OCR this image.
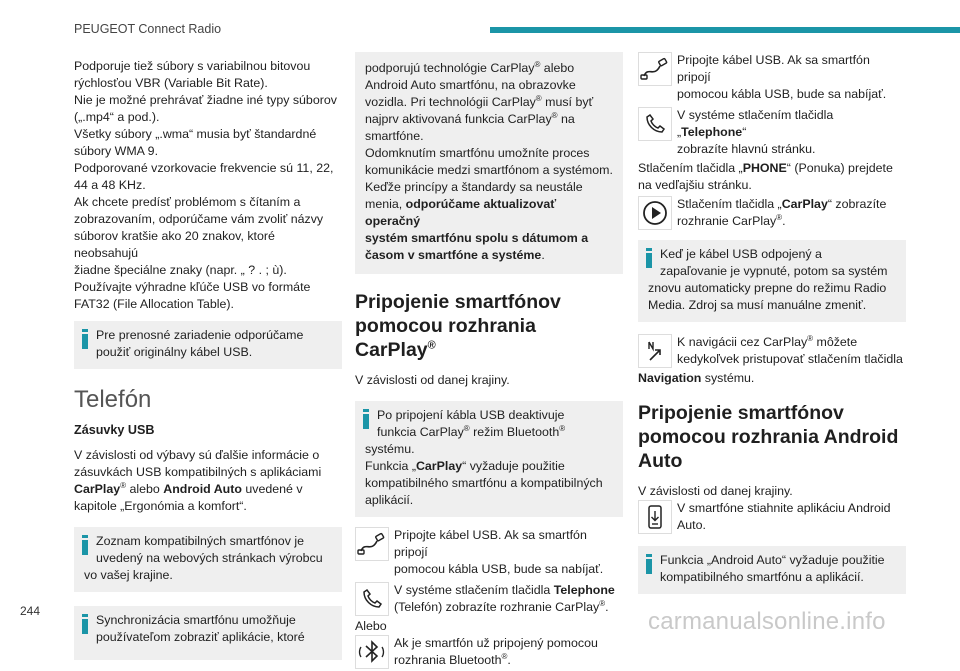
PEUGEOT Connect Radio
Podporuje tiež súbory s variabilnou bitovou
rýchlosťou VBR (Variable Bit Rate).
Nie je možné prehrávať žiadne iné typy súborov
(„.mp4“ a pod.).
Všetky súbory „.wma“ musia byť štandardné
súbory WMA 9.
Podporované vzorkovacie frekvencie sú 11, 22,
44 a 48 KHz.
Ak chcete predísť problémom s čítaním a
zobrazovaním, odporúčame vám zvoliť názvy
súborov kratšie ako 20 znakov, ktoré neobsahujú
žiadne špeciálne znaky (napr. „ ? . ; ù).
Používajte výhradne kľúče USB vo formáte
FAT32 (File Allocation Table).
Pre prenosné zariadenie odporúčame
použiť originálny kábel USB.
Telefón
Zásuvky USB
V závislosti od výbavy sú ďalšie informácie o
zásuvkách USB kompatibilných s aplikáciami
CarPlay® alebo Android Auto uvedené v
kapitole „Ergonómia a komfort“.
Zoznam kompatibilných smartfónov je
uvedený na webových stránkach výrobcu
vo vašej krajine.
Synchronizácia smartfónu umožňuje
používateľom zobraziť aplikácie, ktoré
podporujú technológie CarPlay® alebo
Android Auto smartfónu, na obrazovke
vozidla. Pri technológii CarPlay® musí byť
najprv aktivovaná funkcia CarPlay® na
smartfóne.
Odomknutím smartfónu umožníte proces
komunikácie medzi smartfónom a systémom.
Keďže princípy a štandardy sa neustále
menia, odporúčame aktualizovať operačný
systém smartfónu spolu s dátumom a
časom v smartfóne a systéme.
Pripojenie smartfónov
pomocou rozhrania
CarPlay®
V závislosti od danej krajiny.
Po pripojení kábla USB deaktivuje
funkcia CarPlay® režim Bluetooth®
systému.
Funkcia „CarPlay“ vyžaduje použitie
kompatibilného smartfónu a kompatibilných
aplikácií.
Pripojte kábel USB. Ak sa smartfón pripojí
pomocou kábla USB, bude sa nabíjať.
V systéme stlačením tlačidla Telephone
(Telefón) zobrazíte rozhranie CarPlay®.
Alebo
Ak je smartfón už pripojený pomocou
rozhrania Bluetooth®.
Pripojte kábel USB. Ak sa smartfón pripojí
pomocou kábla USB, bude sa nabíjať.
V systéme stlačením tlačidla „Telephone“
zobrazíte hlavnú stránku.
Stlačením tlačidla „PHONE“ (Ponuka) prejdete
na vedľajšiu stránku.
Stlačením tlačidla „CarPlay“ zobrazíte
rozhranie CarPlay®.
Keď je kábel USB odpojený a
zapaľovanie je vypnuté, potom sa systém
znovu automaticky prepne do režimu Radio
Media. Zdroj sa musí manuálne zmeniť.
K navigácii cez CarPlay® môžete
kedykoľvek pristupovať stlačením tlačidla
Navigation systému.
Pripojenie smartfónov
pomocou rozhrania Android
Auto
V závislosti od danej krajiny.
V smartfóne stiahnite aplikáciu Android
Auto.
Funkcia „Android Auto“ vyžaduje použitie
kompatibilného smartfónu a aplikácií.
244	carmanualsonline.info
